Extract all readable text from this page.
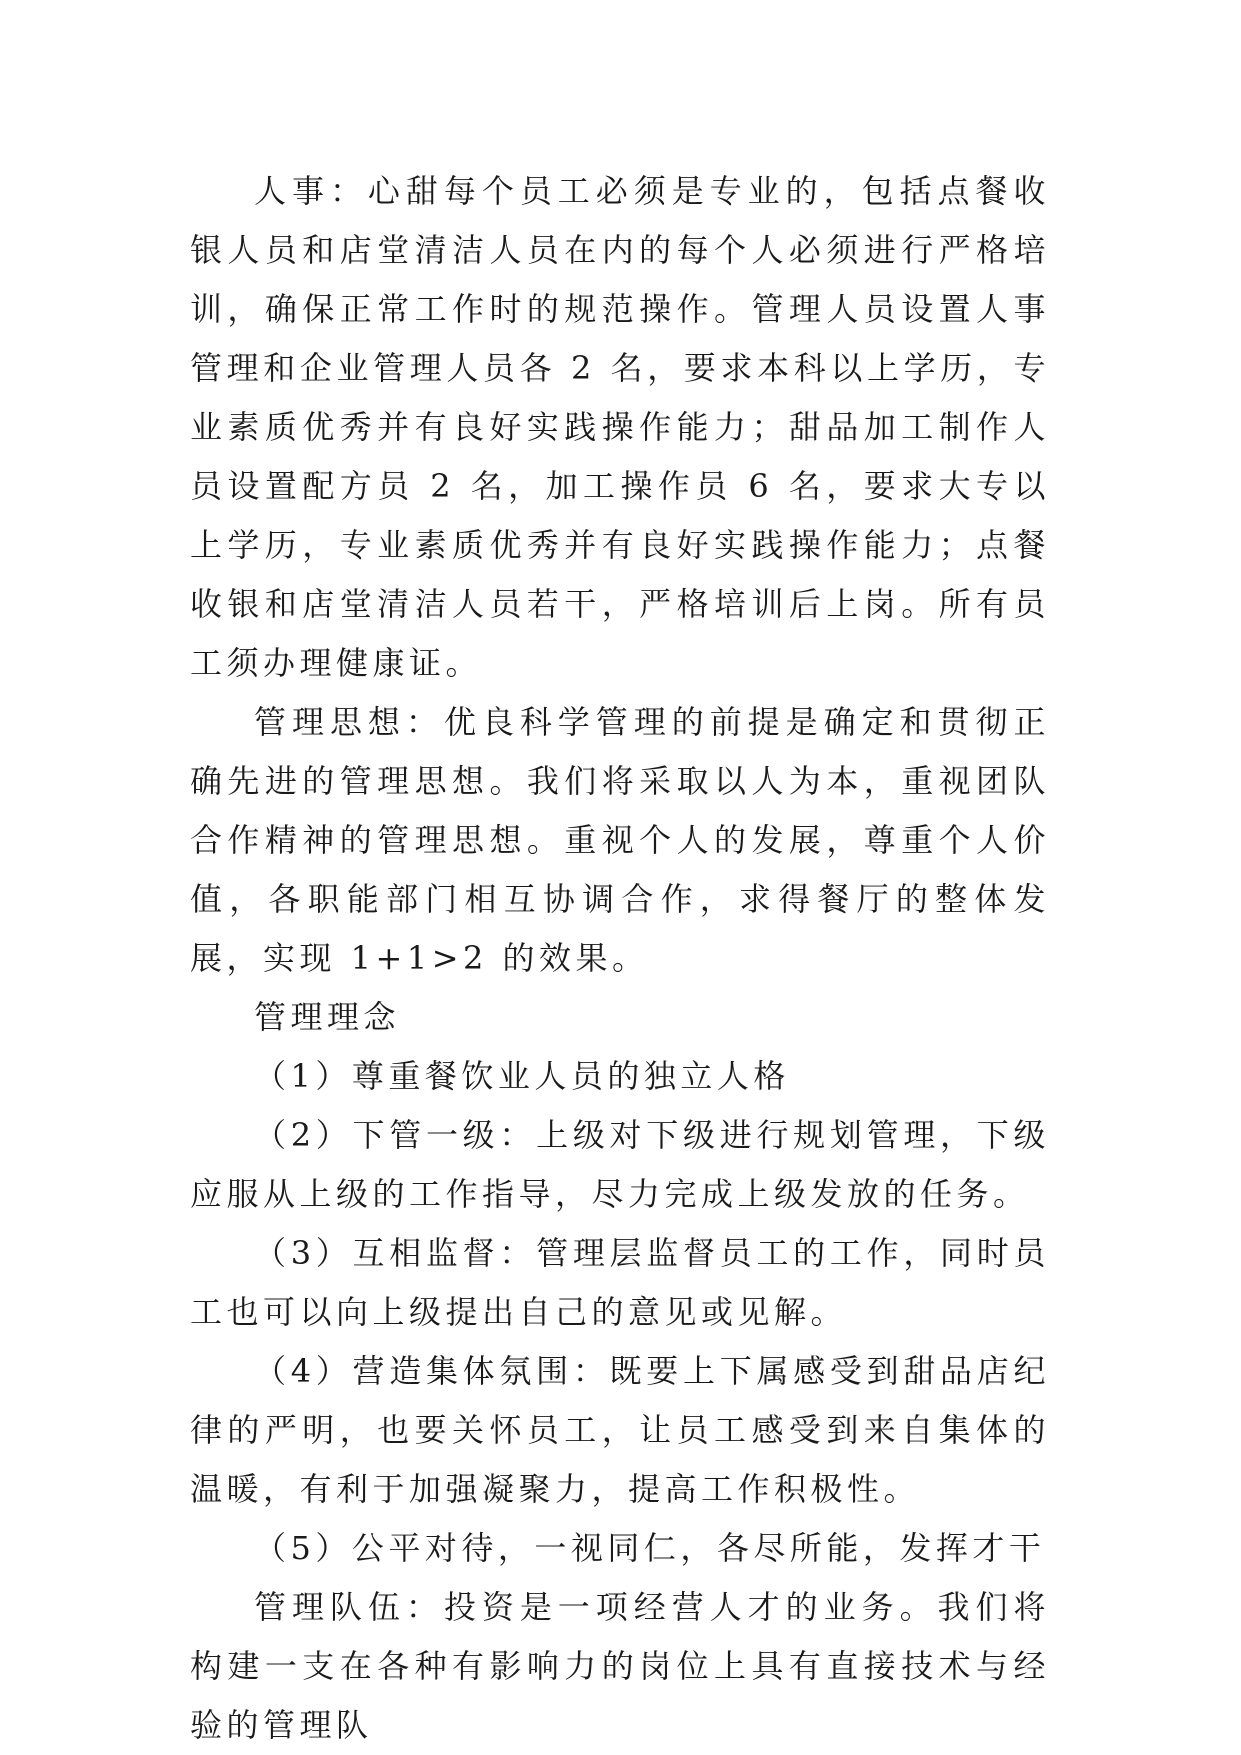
人事：心甜每个员工必须是专业的，包括点餐收银人员和店堂清洁人员在内的每个人必须进行严格培训，确保正常工作时的规范操作。管理人员设置人事管理和企业管理人员各 2 名，要求本科以上学历，专业素质优秀并有良好实践操作能力；甜品加工制作人员设置配方员 2 名，加工操作员 6 名，要求大专以上学历，专业素质优秀并有良好实践操作能力；点餐收银和店堂清洁人员若干，严格培训后上岗。所有员工须办理健康证。

管理思想：优良科学管理的前提是确定和贯彻正确先进的管理思想。我们将采取以人为本，重视团队合作精神的管理思想。重视个人的发展，尊重个人价值，各职能部门相互协调合作，求得餐厅的整体发展，实现 1+1>2 的效果。

管理理念

（1）尊重餐饮业人员的独立人格

（2）下管一级：上级对下级进行规划管理，下级应服从上级的工作指导，尽力完成上级发放的任务。

（3）互相监督：管理层监督员工的工作，同时员工也可以向上级提出自己的意见或见解。

（4）营造集体氛围：既要上下属感受到甜品店纪律的严明，也要关怀员工，让员工感受到来自集体的温暖，有利于加强凝聚力，提高工作积极性。

（5）公平对待，一视同仁，各尽所能，发挥才干

管理队伍：投资是一项经营人才的业务。我们将构建一支在各种有影响力的岗位上具有直接技术与经验的管理队
